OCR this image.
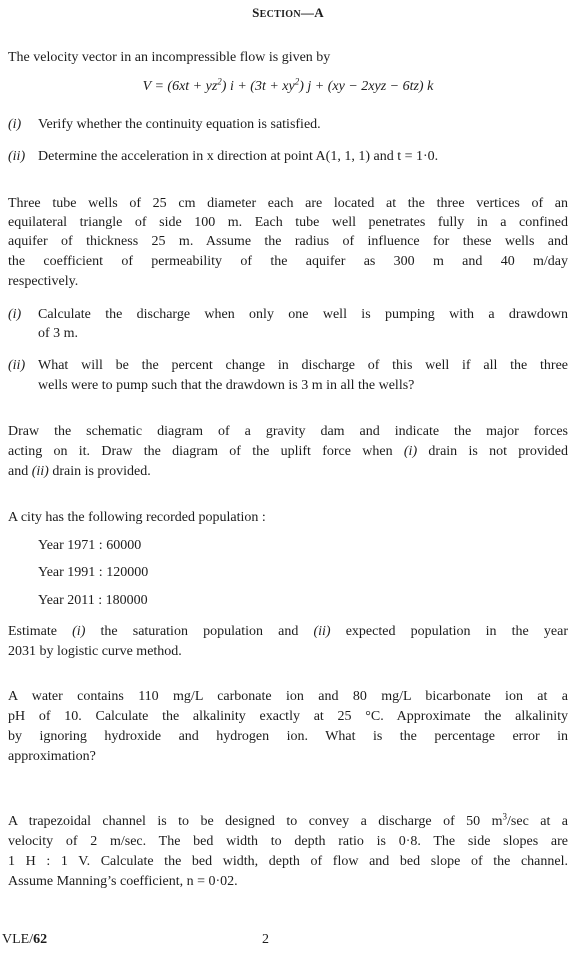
SECTION—A
The velocity vector in an incompressible flow is given by
$V = (6xt + yz^2)$ $i + (3t + xy^2)$ j + (xy − 2xyz − 6tz) k
(i) Verify whether the continuity equation is satisfied.
(ii) Determine the acceleration in x direction at point A(1, 1, 1) and t = 1·0.
Three tube wells of 25 cm diameter each are located at the three vertices of an
equilateral triangle of side 100 m. Each tube well penetrates fully in a confined
aquifer of thickness 25 m. Assume the radius of influence for these wells and
the coefficient of permeability of the aquifer as 300 m and 40 m/day
respectively.
(i) Calculate the discharge when only one well is pumping with a drawdown
of 3 m.
(ii) What will be the percent change in discharge of this well if all the three
wells were to pump such that the drawdown is 3 m in all the wells?
Draw the schematic diagram of a gravity dam and indicate the major forces
acting on it. Draw the diagram of the uplift force when (i) drain is not provided
and (ii) drain is provided.
A city has the following recorded population :
Year 1971 : 60000
Year 1991 : 120000
Year 2011 : 180000
Estimate (i) the saturation population and (ii) expected population in the year
2031 by logistic curve method.
A water contains 110 mg/L carbonate ion and 80 mg/L bicarbonate ion at a
pH of 10. Calculate the alkalinity exactly at 25 °C. Approximate the alkalinity
by ignoring hydroxide and hydrogen ion. What is the percentage error in
approximation?
A trapezoidal channel is to be designed to convey a discharge of 50 $m^3/\sec$ at a
velocity of 2 m/sec. The bed width to depth ratio is 0·8. The side slopes are
1 H : 1 V. Calculate the bed width, depth of flow and bed slope of the channel.
Assume Manning’s coefficient, n = 0·02.
VLE/62	2
